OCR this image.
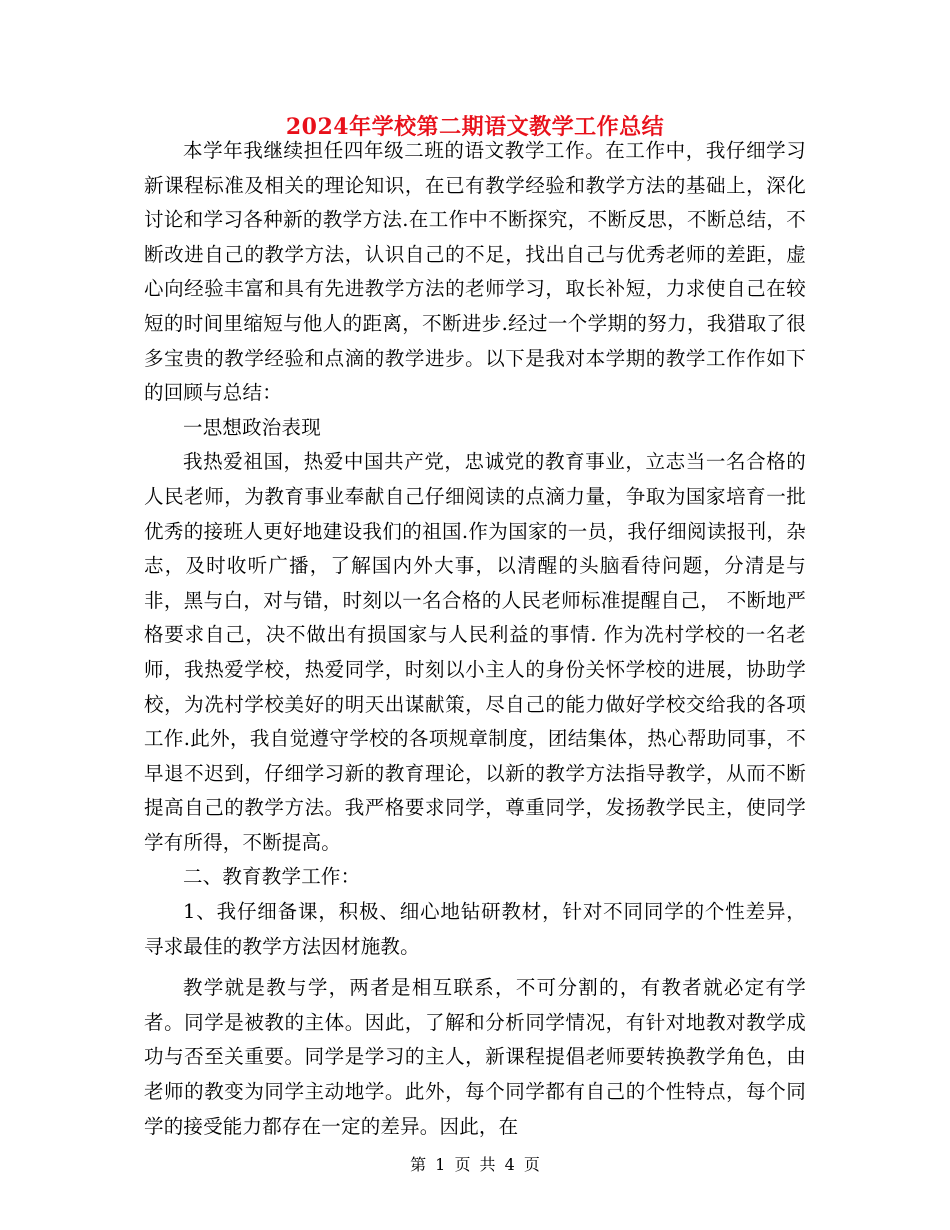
2024年学校第二期语文教学工作总结

本学年我继续担任四年级二班的语文教学工作。在工作中，我仔细学习新课程标准及相关的理论知识，在已有教学经验和教学方法的基础上，深化讨论和学习各种新的教学方法.在工作中不断探究，不断反思，不断总结，不断改进自己的教学方法，认识自己的不足，找出自己与优秀老师的差距，虚心向经验丰富和具有先进教学方法的老师学习，取长补短，力求使自己在较短的时间里缩短与他人的距离，不断进步.经过一个学期的努力，我猎取了很多宝贵的教学经验和点滴的教学进步。以下是我对本学期的教学工作作如下的回顾与总结：

一思想政治表现

我热爱祖国，热爱中国共产党，忠诚党的教育事业，立志当一名合格的人民老师，为教育事业奉献自己仔细阅读的点滴力量，争取为国家培育一批优秀的接班人更好地建设我们的祖国.作为国家的一员，我仔细阅读报刊，杂志，及时收听广播，了解国内外大事，以清醒的头脑看待问题，分清是与非，黑与白，对与错，时刻以一名合格的人民老师标准提醒自己， 不断地严格要求自己，决不做出有损国家与人民利益的事情. 作为冼村学校的一名老师，我热爱学校，热爱同学，时刻以小主人的身份关怀学校的进展，协助学校，为冼村学校美好的明天出谋献策，尽自己的能力做好学校交给我的各项工作.此外，我自觉遵守学校的各项规章制度，团结集体，热心帮助同事，不早退不迟到，仔细学习新的教育理论，以新的教学方法指导教学，从而不断提高自己的教学方法。我严格要求同学，尊重同学，发扬教学民主，使同学学有所得，不断提高。

二、教育教学工作：

1、我仔细备课，积极、细心地钻研教材，针对不同同学的个性差异，寻求最佳的教学方法因材施教。

教学就是教与学，两者是相互联系，不可分割的，有教者就必定有学者。同学是被教的主体。因此，了解和分析同学情况，有针对地教对教学成功与否至关重要。同学是学习的主人，新课程提倡老师要转换教学角色，由老师的教变为同学主动地学。此外，每个同学都有自己的个性特点，每个同学的接受能力都存在一定的差异。因此，在

第 1 页 共 4 页
